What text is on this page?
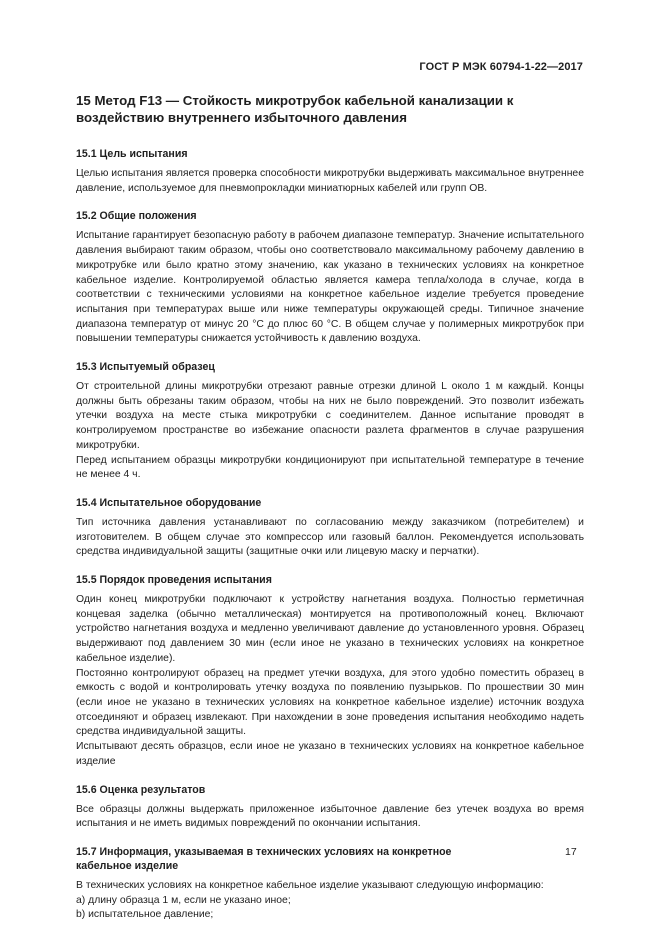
ГОСТ Р МЭК 60794-1-22—2017
15 Метод F13 — Стойкость микротрубок кабельной канализации к воздействию внутреннего избыточного давления
15.1 Цель испытания

Целью испытания является проверка способности микротрубки выдерживать максимальное внутреннее давление, используемое для пневмопрокладки миниатюрных кабелей или групп ОВ.

15.2 Общие положения

Испытание гарантирует безопасную работу в рабочем диапазоне температур. Значение испытательного давления выбирают таким образом, чтобы оно соответствовало максимальному рабочему давлению в микротрубке или было кратно этому значению, как указано в технических условиях на конкретное кабельное изделие. Контролируемой областью является камера тепла/холода в случае, когда в соответствии с техническими условиями на конкретное кабельное изделие требуется проведение испытания при температурах выше или ниже температуры окружающей среды. Типичное значение диапазона температур от минус 20 °C до плюс 60 °C. В общем случае у полимерных микротрубок при повышении температуры снижается устойчивость к давлению воздуха.

15.3 Испытуемый образец

От строительной длины микротрубки отрезают равные отрезки длиной L около 1 м каждый. Концы должны быть обрезаны таким образом, чтобы на них не было повреждений. Это позволит избежать утечки воздуха на месте стыка микротрубки с соединителем. Данное испытание проводят в контролируемом пространстве во избежание опасности разлета фрагментов в случае разрушения микротрубки.

Перед испытанием образцы микротрубки кондиционируют при испытательной температуре в течение не менее 4 ч.

15.4 Испытательное оборудование

Тип источника давления устанавливают по согласованию между заказчиком (потребителем) и изготовителем. В общем случае это компрессор или газовый баллон. Рекомендуется использовать средства индивидуальной защиты (защитные очки или лицевую маску и перчатки).

15.5 Порядок проведения испытания

Один конец микротрубки подключают к устройству нагнетания воздуха. Полностью герметичная концевая заделка (обычно металлическая) монтируется на противоположный конец. Включают устройство нагнетания воздуха и медленно увеличивают давление до установленного уровня. Образец выдерживают под давлением 30 мин (если иное не указано в технических условиях на конкретное кабельное изделие).

Постоянно контролируют образец на предмет утечки воздуха, для этого удобно поместить образец в емкость с водой и контролировать утечку воздуха по появлению пузырьков. По прошествии 30 мин (если иное не указано в технических условиях на конкретное кабельное изделие) источник воздуха отсоединяют и образец извлекают. При нахождении в зоне проведения испытания необходимо надеть средства индивидуальной защиты.

Испытывают десять образцов, если иное не указано в технических условиях на конкретное кабельное изделие

15.6 Оценка результатов

Все образцы должны выдержать приложенное избыточное давление без утечек воздуха во время испытания и не иметь видимых повреждений по окончании испытания.

15.7 Информация, указываемая в технических условиях на конкретное кабельное изделие

В технических условиях на конкретное кабельное изделие указывают следующую информацию:

a) длину образца 1 м, если не указано иное;

b) испытательное давление;

17
